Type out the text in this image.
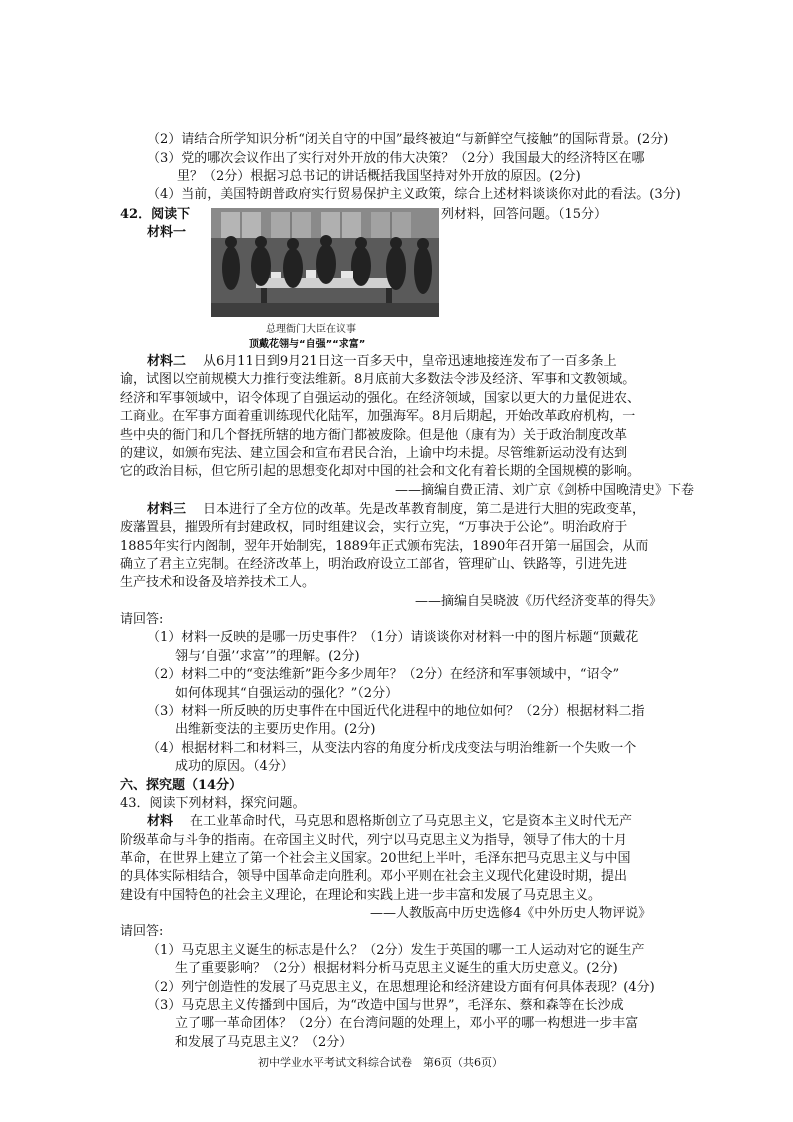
（2）请结合所学知识分析“闭关自守的中国”最终被迫“与新鲜空气接触”的国际背景。(2分)
（3）党的哪次会议作出了实行对外开放的伟大决策？（2分）我国最大的经济特区在哪
里？（2分）根据习总书记的讲话概括我国坚持对外开放的原因。(2分)
（4）当前，美国特朗普政府实行贸易保护主义政策，综合上述材料谈谈你对此的看法。(3分)
42．阅读下	列材料，回答问题。（15分）
材料一
总理衙门大臣在议事
顶戴花翎与“自强”“求富”
材料二 从6月11日到9月21日这一百多天中，皇帝迅速地接连发布了一百多条上
谕，试图以空前规模大力推行变法维新。8月底前大多数法令涉及经济、军事和文教领域。
经济和军事领域中，诏令体现了自强运动的强化。在经济领域，国家以更大的力量促进农、
工商业。在军事方面着重训练现代化陆军，加强海军。8月后期起，开始改革政府机构，一
些中央的衙门和几个督抚所辖的地方衙门都被废除。但是他（康有为）关于政治制度改革
的建议，如颁布宪法、建立国会和宣布君民合治，上谕中均未提。尽管维新运动没有达到
它的政治目标，但它所引起的思想变化却对中国的社会和文化有着长期的全国规模的影响。
——摘编自费正清、刘广京《剑桥中国晚清史》下卷
材料三 日本进行了全方位的改革。先是改革教育制度，第二是进行大胆的宪政变革，
废藩置县，摧毁所有封建政权，同时组建议会，实行立宪，“万事决于公论”。明治政府于
1885年实行内阁制，翌年开始制宪，1889年正式颁布宪法，1890年召开第一届国会，从而
确立了君主立宪制。在经济改革上，明治政府设立工部省，管理矿山、铁路等，引进先进
生产技术和设备及培养技术工人。
——摘编自吴晓波《历代经济变革的得失》
请回答:
（1）材料一反映的是哪一历史事件？（1分）请谈谈你对材料一中的图片标题“顶戴花
翎与‘自强’‘求富’”的理解。(2分)
（2）材料二中的“变法维新”距今多少周年？（2分）在经济和军事领域中，“诏令”
如何体现其“自强运动的强化？”（2分）
（3）材料一所反映的历史事件在中国近代化进程中的地位如何？（2分）根据材料二指
出维新变法的主要历史作用。(2分)
（4）根据材料二和材料三，从变法内容的角度分析戊戌变法与明治维新一个失败一个
成功的原因。（4分）
六、探究题（14分）
43．阅读下列材料，探究问题。
材料 在工业革命时代，马克思和恩格斯创立了马克思主义，它是资本主义时代无产
阶级革命与斗争的指南。在帝国主义时代，列宁以马克思主义为指导，领导了伟大的十月
革命，在世界上建立了第一个社会主义国家。20世纪上半叶，毛泽东把马克思主义与中国
的具体实际相结合，领导中国革命走向胜利。邓小平则在社会主义现代化建设时期，提出
建设有中国特色的社会主义理论，在理论和实践上进一步丰富和发展了马克思主义。
——人教版高中历史选修4《中外历史人物评说》
请回答:
（1）马克思主义诞生的标志是什么？（2分）发生于英国的哪一工人运动对它的诞生产
生了重要影响？（2分）根据材料分析马克思主义诞生的重大历史意义。(2分)
（2）列宁创造性的发展了马克思主义，在思想理论和经济建设方面有何具体表现？(4分)
（3）马克思主义传播到中国后，为“改造中国与世界”，毛泽东、蔡和森等在长沙成
立了哪一革命团体？（2分）在台湾问题的处理上，邓小平的哪一构想进一步丰富
和发展了马克思主义？（2分）
初中学业水平考试文科综合试卷　第6页（共6页）
